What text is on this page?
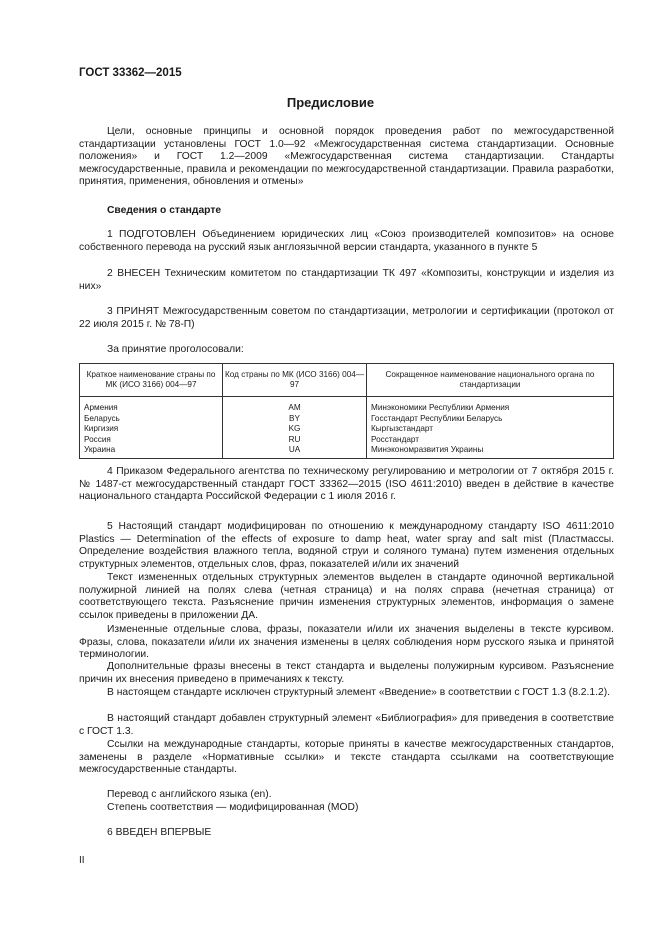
ГОСТ 33362—2015
Предисловие
Цели, основные принципы и основной порядок проведения работ по межгосударственной стандартизации установлены ГОСТ 1.0—92 «Межгосударственная система стандартизации. Основные положения» и ГОСТ 1.2—2009 «Межгосударственная система стандартизации. Стандарты межгосударственные, правила и рекомендации по межгосударственной стандартизации. Правила разработки, принятия, применения, обновления и отмены»
Сведения о стандарте
1 ПОДГОТОВЛЕН Объединением юридических лиц «Союз производителей композитов» на основе собственного перевода на русский язык англоязычной версии стандарта, указанного в пункте 5
2 ВНЕСЕН Техническим комитетом по стандартизации ТК 497 «Композиты, конструкции и изделия из них»
3 ПРИНЯТ Межгосударственным советом по стандартизации, метрологии и сертификации (протокол от 22 июля 2015 г. № 78-П)
За принятие проголосовали:
Краткое наименование страны по МК (ИСО 3166) 004—97	Код страны по МК (ИСО 3166) 004—97	Сокращенное наименование национального органа по стандартизации
Армения	AM	Минэкономики Республики Армения
Беларусь	BY	Госстандарт Республики Беларусь
Киргизия	KG	Кыргызстандарт
Россия	RU	Росстандарт
Украина	UA	Минэкономразвития Украины
4 Приказом Федерального агентства по техническому регулированию и метрологии от 7 октября 2015 г. № 1487-ст межгосударственный стандарт ГОСТ 33362—2015 (ISO 4611:2010) введен в действие в качестве национального стандарта Российской Федерации с 1 июля 2016 г.
5 Настоящий стандарт модифицирован по отношению к международному стандарту ISO 4611:2010 Plastics — Determination of the effects of exposure to damp heat, water spray and salt mist (Пластмассы. Определение воздействия влажного тепла, водяной струи и соляного тумана) путем изменения отдельных структурных элементов, отдельных слов, фраз, показателей и/или их значений
Текст измененных отдельных структурных элементов выделен в стандарте одиночной вертикальной полужирной линией на полях слева (четная страница) и на полях справа (нечетная страница) от соответствующего текста. Разъяснение причин изменения структурных элементов, информация о замене ссылок приведены в приложении ДА.
Измененные отдельные слова, фразы, показатели и/или их значения выделены в тексте курсивом. Фразы, слова, показатели и/или их значения изменены в целях соблюдения норм русского языка и принятой терминологии.
Дополнительные фразы внесены в текст стандарта и выделены полужирным курсивом. Разъяснение причин их внесения приведено в примечаниях к тексту.
В настоящем стандарте исключен структурный элемент «Введение» в соответствии с ГОСТ 1.3 (8.2.1.2).
В настоящий стандарт добавлен структурный элемент «Библиография» для приведения в соответствие с ГОСТ 1.3.
Ссылки на международные стандарты, которые приняты в качестве межгосударственных стандартов, заменены в разделе «Нормативные ссылки» и тексте стандарта ссылками на соответствующие межгосударственные стандарты.
Перевод с английского языка (en).
Степень соответствия — модифицированная (MOD)
6 ВВЕДЕН ВПЕРВЫЕ
II
